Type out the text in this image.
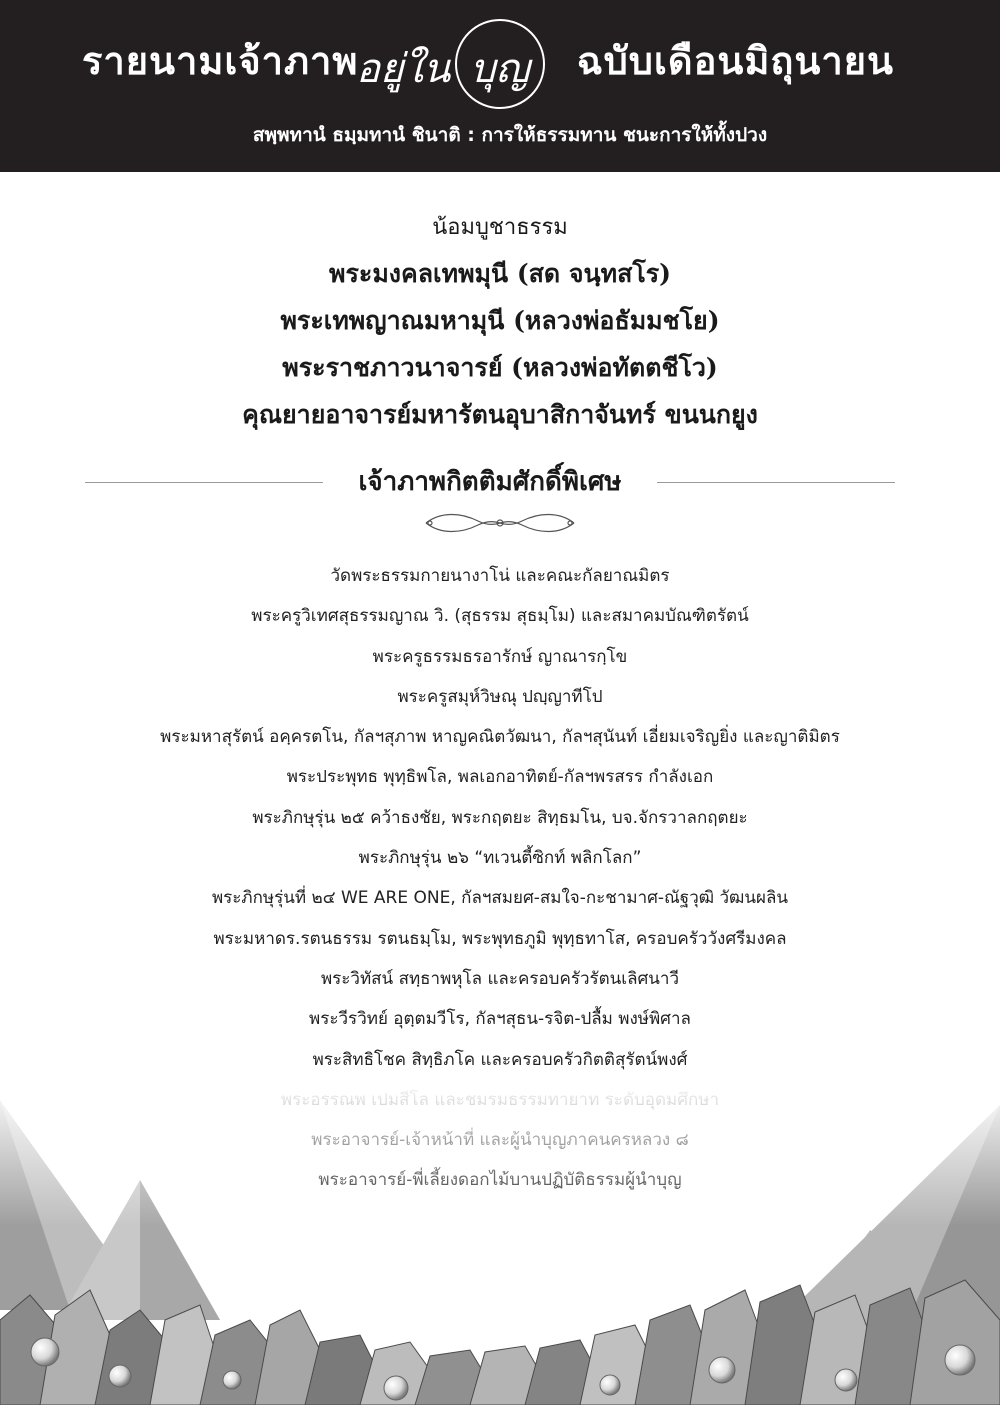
รายนามเจ้าภาพ
อยู่ใน บุญ ฉบับเดือนมิถุนายน
สพฺพทานํ ธมฺมทานํ ชินาติ : การให้ธรรมทาน ชนะการให้ทั้งปวง
น้อมบูชาธรรม
พระมงคลเทพมุนี (สด จนฺทสโร)
พระเทพญาณมหามุนี (หลวงพ่อธัมมชโย)
พระราชภาวนาจารย์ (หลวงพ่อทัตตชีโว)
คุณยายอาจารย์มหารัตนอุบาสิกาจันทร์ ขนนกยูง
เจ้าภาพกิตติมศักดิ์พิเศษ
วัดพระธรรมกายนางาโน่ และคณะกัลยาณมิตร
พระครูวิเทศสุธรรมญาณ วิ. (สุธรรม สุธมฺโม) และสมาคมบัณฑิตรัตน์
พระครูธรรมธรอารักษ์ ญาณารกฺโข
พระครูสมุห์วิษณุ ปญฺญาทีโป
พระมหาสุรัตน์ อคฺครตโน, กัลฯสุภาพ หาญคณิตวัฒนา, กัลฯสุนันท์ เอี่ยมเจริญยิ่ง และญาติมิตร
พระประพุทธ พุทฺธิพโล, พลเอกอาทิตย์-กัลฯพรสรร กำลังเอก
พระภิกษุรุ่น ๒๕ คว้าธงชัย, พระกฤตยะ สิทฺธมโน, บจ.จักรวาลกฤตยะ
พระภิกษุรุ่น ๒๖ “ทเวนตี้ซิกท์ พลิกโลก”
พระภิกษุรุ่นที่ ๒๔ WE ARE ONE, กัลฯสมยศ-สมใจ-กะชามาศ-ณัฐวุฒิ วัฒนผลิน
พระมหาดร.รตนธรรม รตนธมฺโม, พระพุทธภูมิ พุทฺธทาโส, ครอบครัววังศรีมงคล
พระวิทัสน์ สทฺธาพหุโล และครอบครัวรัตนเลิศนาวี
พระวีรวิทย์ อุตฺตมวีโร, กัลฯสุธน-รจิต-ปลื้ม พงษ์พิศาล
พระสิทธิโชค สิทฺธิภโค และครอบครัวกิตติสุรัตน์พงศ์
